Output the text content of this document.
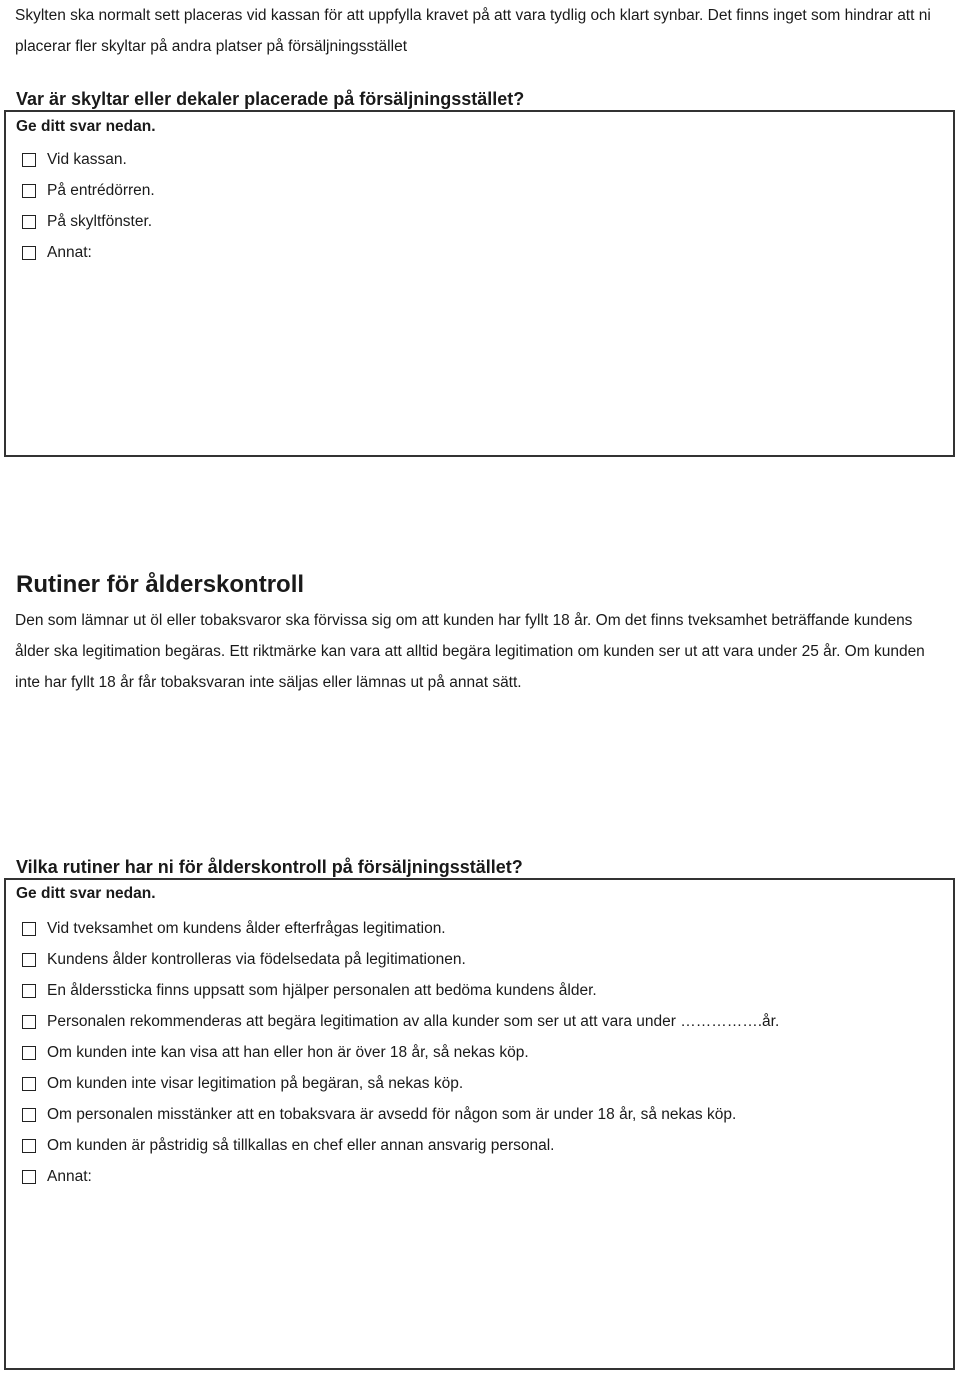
Skylten ska normalt sett placeras vid kassan för att uppfylla kravet på att vara tydlig och klart synbar. Det finns inget som hindrar att ni placerar fler skyltar på andra platser på försäljningsstället
Var är skyltar eller dekaler placerade på försäljningsstället?
Ge ditt svar nedan.
Vid kassan.
På entrédörren.
På skyltfönster.
Annat:
Rutiner för ålderskontroll
Den som lämnar ut öl eller tobaksvaror ska förvissa sig om att kunden har fyllt 18 år. Om det finns tveksamhet beträffande kundens ålder ska legitimation begäras. Ett riktmärke kan vara att alltid begära legitimation om kunden ser ut att vara under 25 år. Om kunden inte har fyllt 18 år får tobaksvaran inte säljas eller lämnas ut på annat sätt.
Vilka rutiner har ni för ålderskontroll på försäljningsstället?
Ge ditt svar nedan.
Vid tveksamhet om kundens ålder efterfrågas legitimation.
Kundens ålder kontrolleras via födelsedata på legitimationen.
En ålderssticka finns uppsatt som hjälper personalen att bedöma kundens ålder.
Personalen rekommenderas att begära legitimation av alla kunder som ser ut att vara under …………….år.
Om kunden inte kan visa att han eller hon är över 18 år, så nekas köp.
Om kunden inte visar legitimation på begäran, så nekas köp.
Om personalen misstänker att en tobaksvara är avsedd för någon som är under 18 år, så nekas köp.
Om kunden är påstridig så tillkallas en chef eller annan ansvarig personal.
Annat:
